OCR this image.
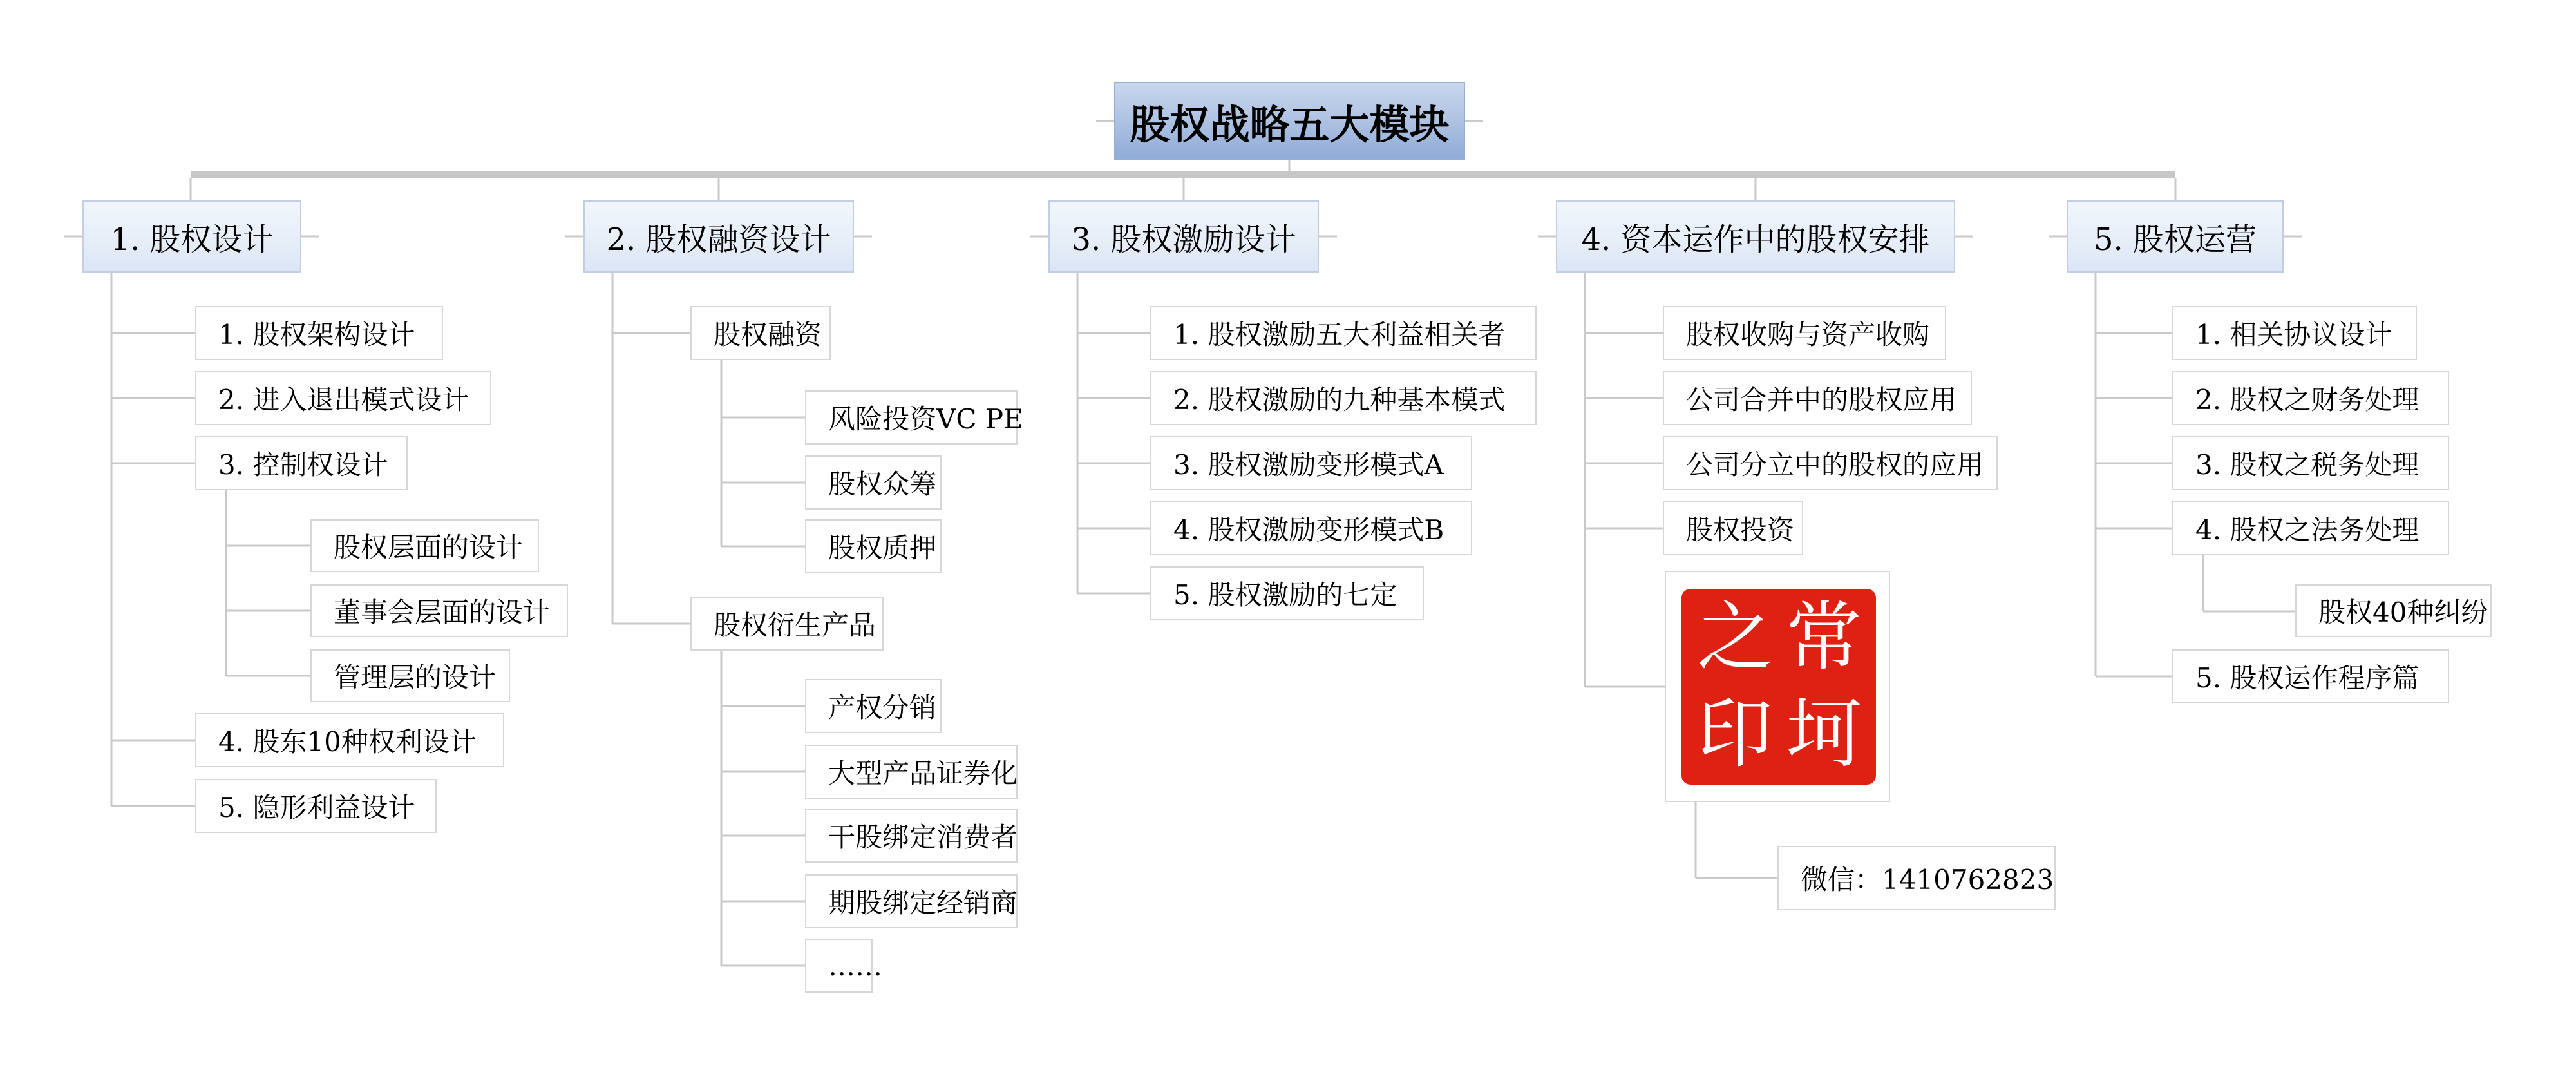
股权战略五大模块
1. 股权设计	2. 股权融资设计	3. 股权激励设计	4. 资本运作中的股权安排	5. 股权运营
1. 股权架构设计
2. 进入退出模式设计
3. 控制权设计
股权层面的设计
董事会层面的设计
管理层的设计
4. 股东10种权利设计
5. 隐形利益设计
股权融资
风险投资VC PE
股权众筹
股权质押
股权衍生产品
产权分销
大型产品证券化
干股绑定消费者
期股绑定经销商
……
1. 股权激励五大利益相关者
2. 股权激励的九种基本模式
3. 股权激励变形模式A
4. 股权激励变形模式B
5. 股权激励的七定
股权收购与资产收购
公司合并中的股权应用
公司分立中的股权的应用
股权投资
常
坷
之
印
微信：1410762823
1. 相关协议设计
2. 股权之财务处理
3. 股权之税务处理
4. 股权之法务处理
股权40种纠纷
5. 股权运作程序篇
